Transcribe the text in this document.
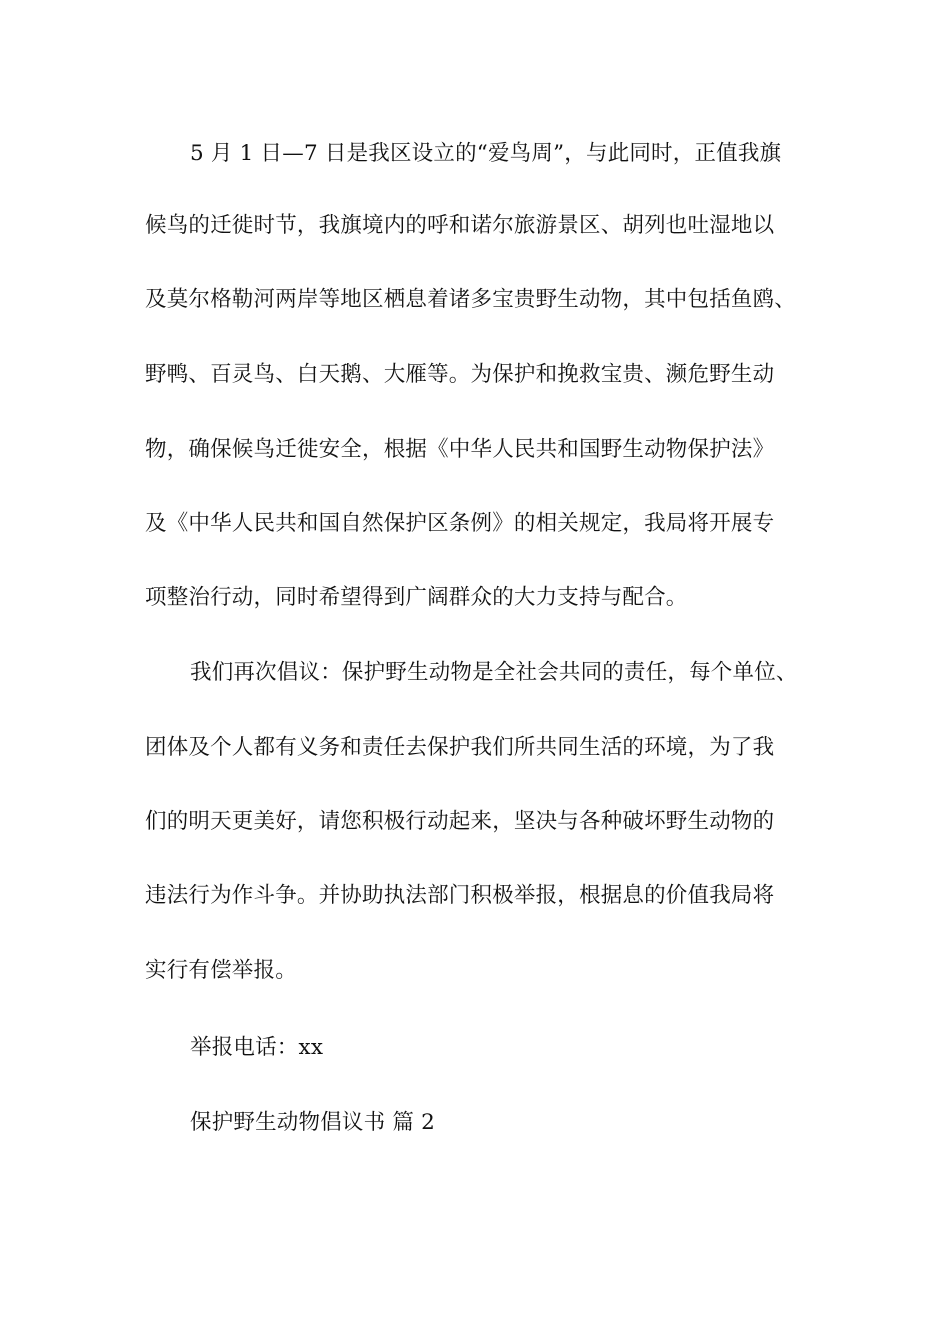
5 月 1 日—7 日是我区设立的“爱鸟周”，与此同时，正值我旗
候鸟的迁徙时节，我旗境内的呼和诺尔旅游景区、胡列也吐湿地以
及莫尔格勒河两岸等地区栖息着诸多宝贵野生动物，其中包括鱼鸥、
野鸭、百灵鸟、白天鹅、大雁等。为保护和挽救宝贵、濒危野生动
物，确保候鸟迁徙安全，根据《中华人民共和国野生动物保护法》
及《中华人民共和国自然保护区条例》的相关规定，我局将开展专
项整治行动，同时希望得到广阔群众的大力支持与配合。
我们再次倡议：保护野生动物是全社会共同的责任，每个单位、
团体及个人都有义务和责任去保护我们所共同生活的环境，为了我
们的明天更美好，请您积极行动起来，坚决与各种破坏野生动物的
违法行为作斗争。并协助执法部门积极举报，根据息的价值我局将
实行有偿举报。
举报电话：xx
保护野生动物倡议书 篇 2
